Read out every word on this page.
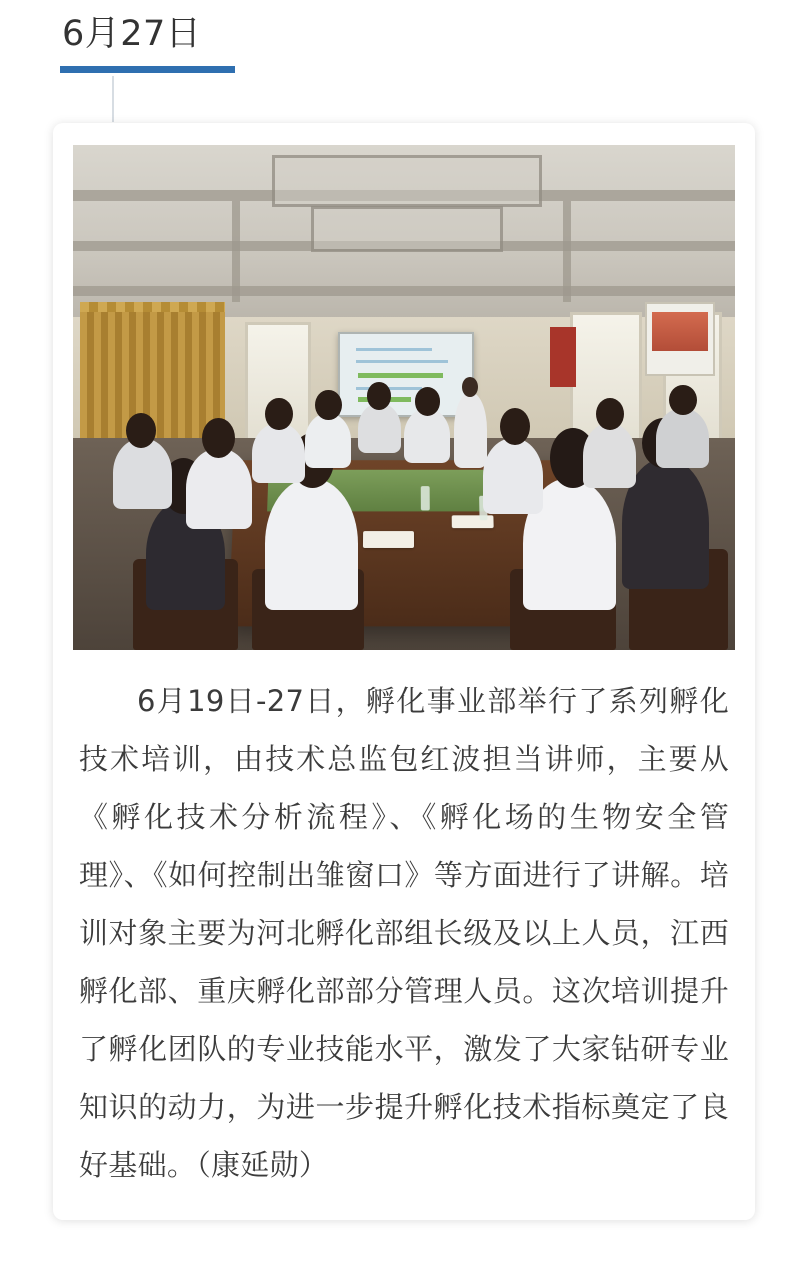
6月27日

6月19日-27日，孵化事业部举行了系列孵化技术培训，由技术总监包红波担当讲师，主要从《孵化技术分析流程》、《孵化场的生物安全管理》、《如何控制出雏窗口》等方面进行了讲解。培训对象主要为河北孵化部组长级及以上人员，江西孵化部、重庆孵化部部分管理人员。这次培训提升了孵化团队的专业技能水平，激发了大家钻研专业知识的动力，为进一步提升孵化技术指标奠定了良好基础。（康延勋）
